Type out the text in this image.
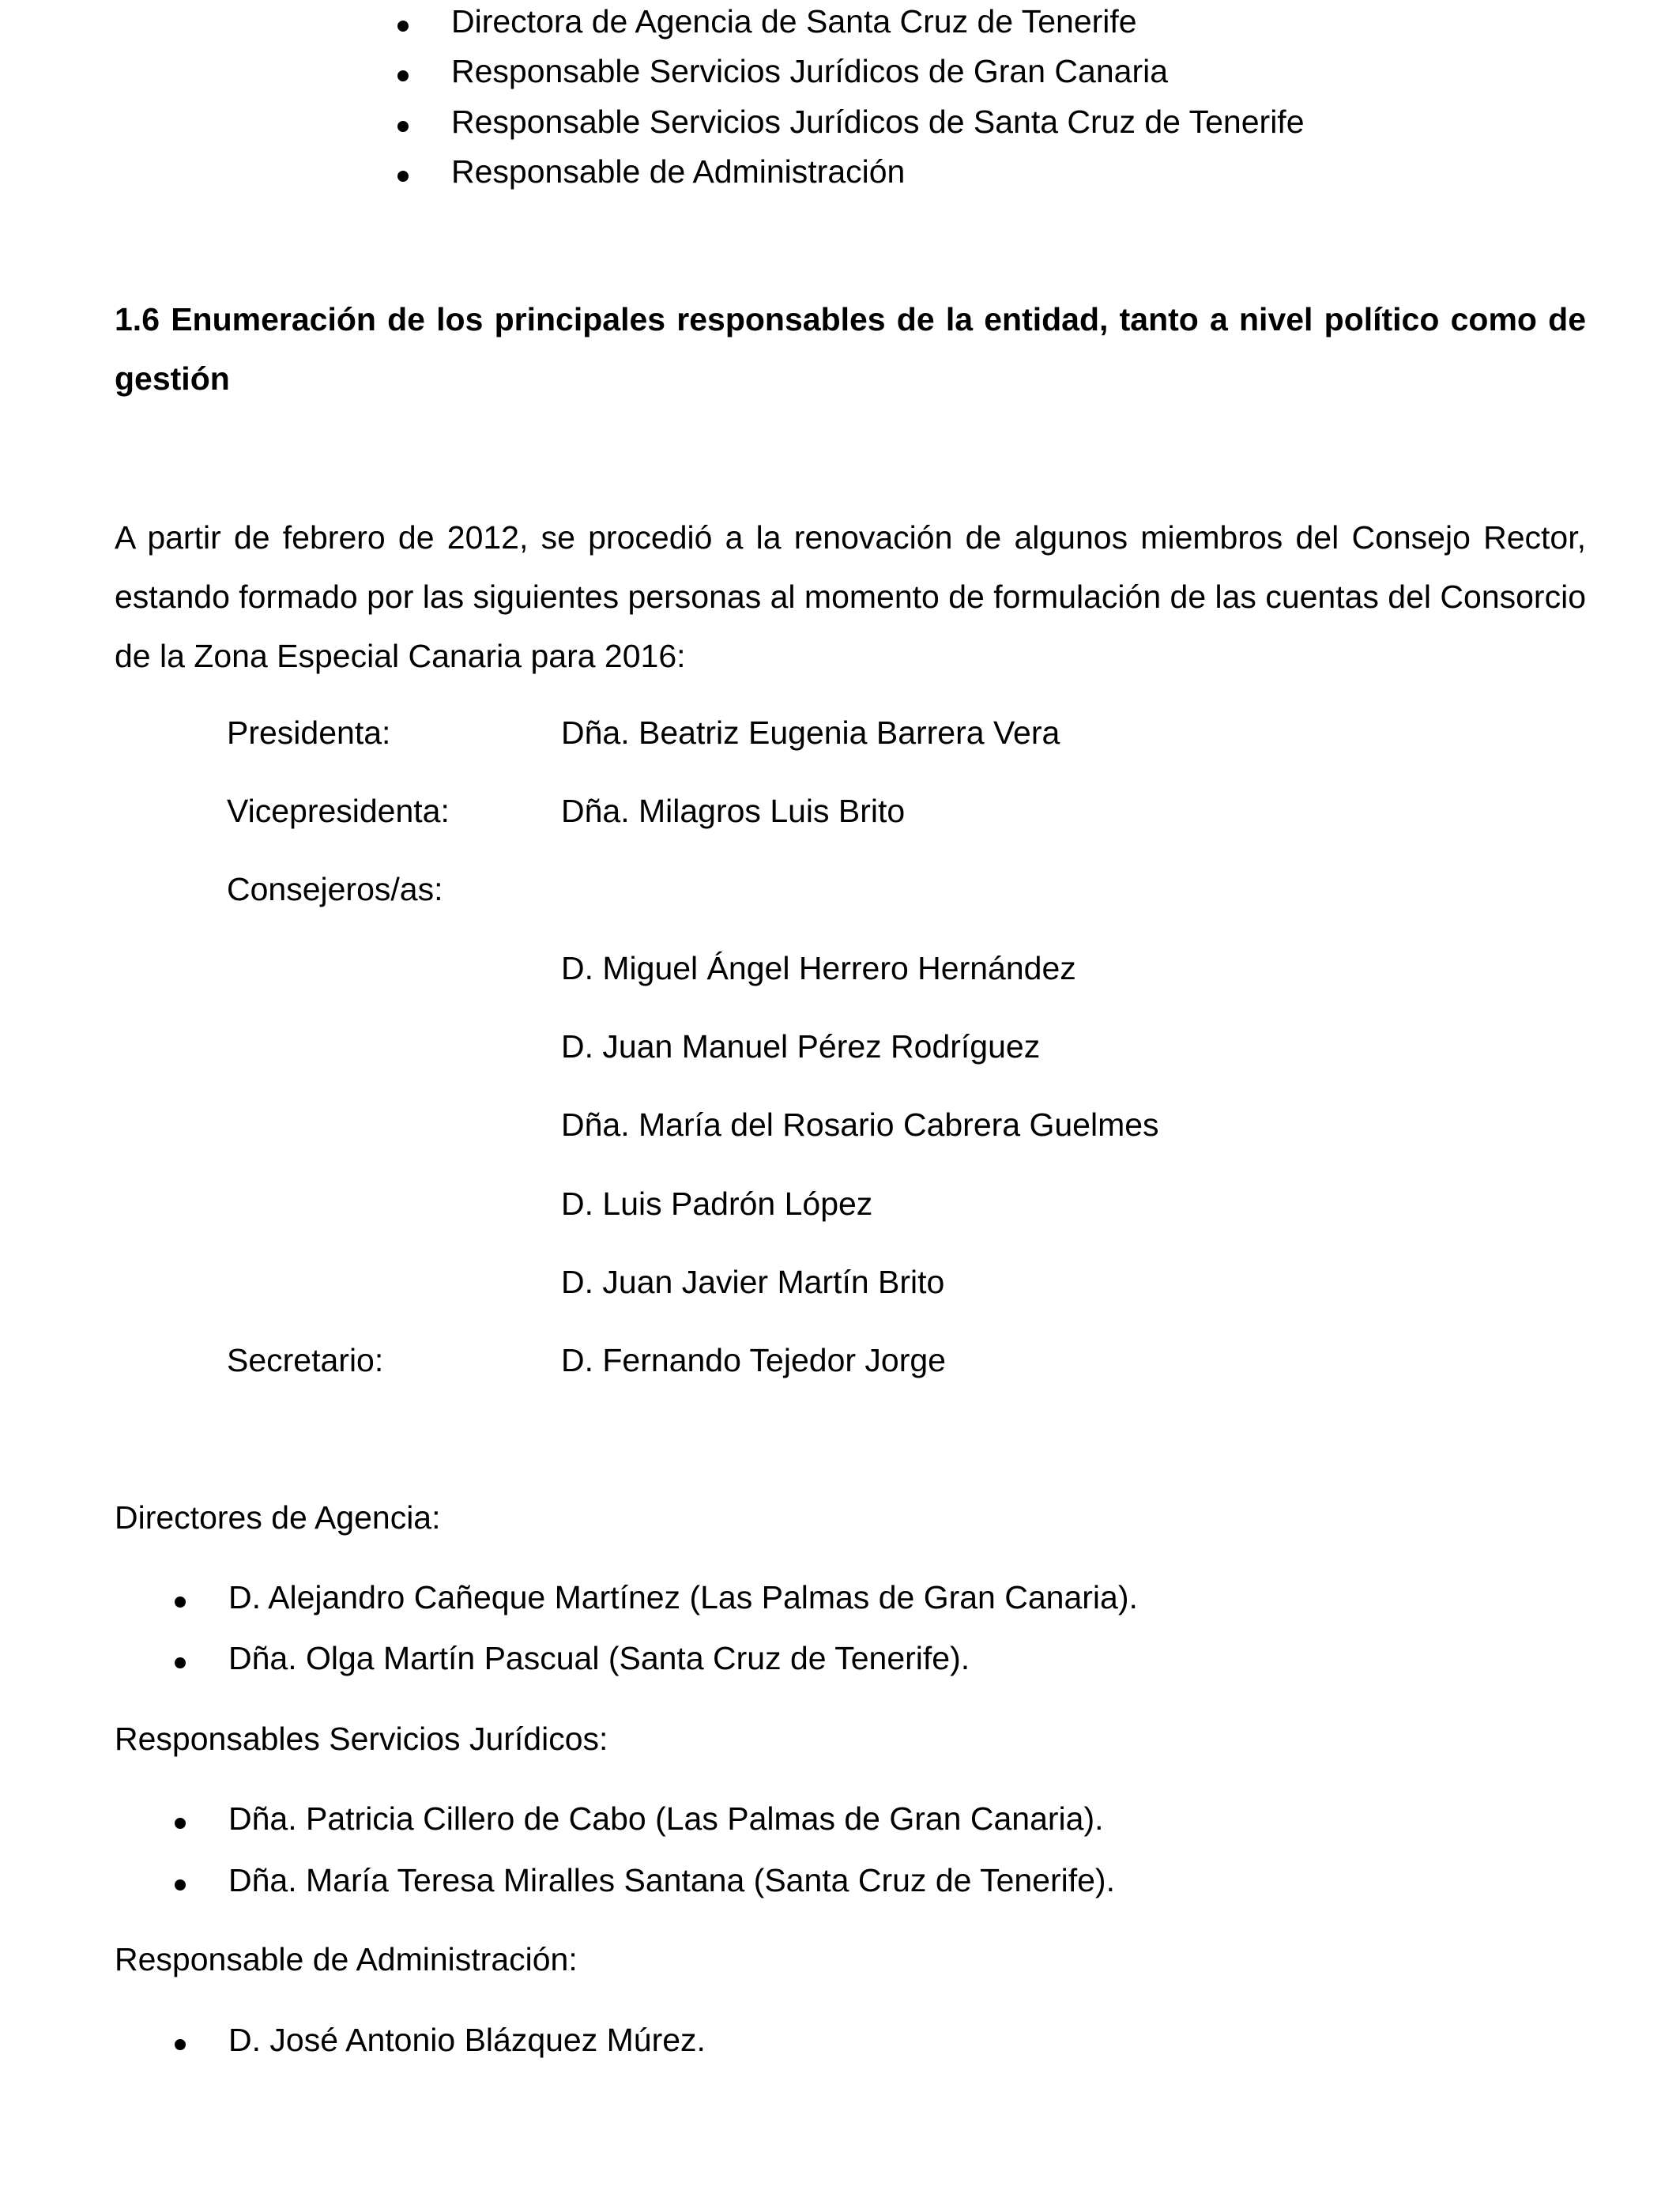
Directora de Agencia de Santa Cruz de Tenerife
Responsable Servicios Jurídicos de Gran Canaria
Responsable Servicios Jurídicos de Santa Cruz de Tenerife
Responsable de Administración
1.6 Enumeración de los principales responsables de la entidad, tanto a nivel político como de gestión
A partir de febrero de 2012, se procedió a la renovación de algunos miembros del Consejo Rector, estando formado por las siguientes personas al momento de formulación de las cuentas del Consorcio de la Zona Especial Canaria para 2016:
Presidenta:	Dña. Beatriz Eugenia Barrera Vera
Vicepresidenta:	Dña. Milagros Luis Brito
Consejeros/as:
D. Miguel Ángel Herrero Hernández
D. Juan Manuel Pérez Rodríguez
Dña. María del Rosario Cabrera Guelmes
D. Luis Padrón López
D. Juan Javier Martín Brito
Secretario:	D. Fernando Tejedor Jorge
Directores de Agencia:
D. Alejandro Cañeque Martínez (Las Palmas de Gran Canaria).
Dña. Olga Martín Pascual (Santa Cruz de Tenerife).
Responsables Servicios Jurídicos:
Dña. Patricia Cillero de Cabo (Las Palmas de Gran Canaria).
Dña. María Teresa Miralles Santana (Santa Cruz de Tenerife).
Responsable de Administración:
D. José Antonio Blázquez Múrez.
